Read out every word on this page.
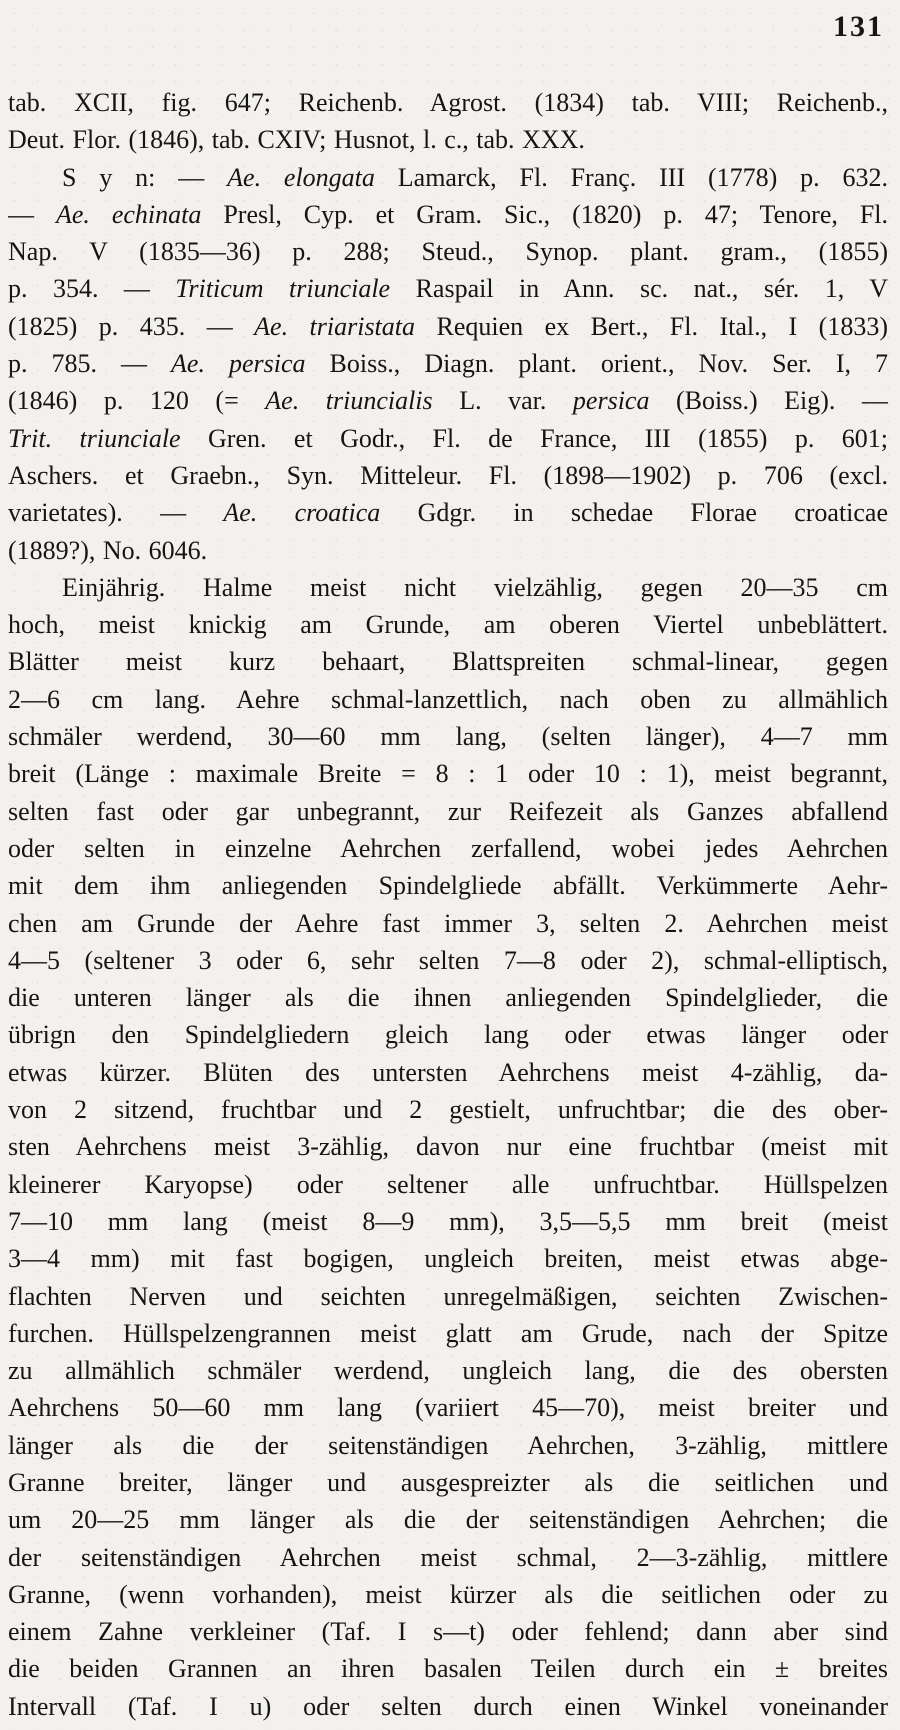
131
tab. XCII, fig. 647; Reichenb. Agrost. (1834) tab. VIII; Reichenb.,
Deut. Flor. (1846), tab. CXIV; Husnot, l. c., tab. XXX.
S y n: — Ae. elongata Lamarck, Fl. Franç. III (1778) p. 632.
— Ae. echinata Presl, Cyp. et Gram. Sic., (1820) p. 47; Tenore, Fl.
Nap. V (1835—36) p. 288; Steud., Synop. plant. gram., (1855)
p. 354. — Triticum triunciale Raspail in Ann. sc. nat., sér. 1, V
(1825) p. 435. — Ae. triaristata Requien ex Bert., Fl. Ital., I (1833)
p. 785. — Ae. persica Boiss., Diagn. plant. orient., Nov. Ser. I, 7
(1846) p. 120 (= Ae. triuncialis L. var. persica (Boiss.) Eig). —
Trit. triunciale Gren. et Godr., Fl. de France, III (1855) p. 601;
Aschers. et Graebn., Syn. Mitteleur. Fl. (1898—1902) p. 706 (excl.
varietates). — Ae. croatica Gdgr. in schedae Florae croaticae
(1889?), No. 6046.
Einjährig. Halme meist nicht vielzählig, gegen 20—35 cm
hoch, meist knickig am Grunde, am oberen Viertel unbeblättert.
Blätter meist kurz behaart, Blattspreiten schmal-linear, gegen
2—6 cm lang. Aehre schmal-lanzettlich, nach oben zu allmählich
schmäler werdend, 30—60 mm lang, (selten länger), 4—7 mm
breit (Länge : maximale Breite = 8 : 1 oder 10 : 1), meist begrannt,
selten fast oder gar unbegrannt, zur Reifezeit als Ganzes abfallend
oder selten in einzelne Aehrchen zerfallend, wobei jedes Aehrchen
mit dem ihm anliegenden Spindelgliede abfällt. Verkümmerte Aehr-
chen am Grunde der Aehre fast immer 3, selten 2. Aehrchen meist
4—5 (seltener 3 oder 6, sehr selten 7—8 oder 2), schmal-elliptisch,
die unteren länger als die ihnen anliegenden Spindelglieder, die
übrign den Spindelgliedern gleich lang oder etwas länger oder
etwas kürzer. Blüten des untersten Aehrchens meist 4-zählig, da-
von 2 sitzend, fruchtbar und 2 gestielt, unfruchtbar; die des ober-
sten Aehrchens meist 3-zählig, davon nur eine fruchtbar (meist mit
kleinerer Karyopse) oder seltener alle unfruchtbar. Hüllspelzen
7—10 mm lang (meist 8—9 mm), 3,5—5,5 mm breit (meist
3—4 mm) mit fast bogigen, ungleich breiten, meist etwas abge-
flachten Nerven und seichten unregelmäßigen, seichten Zwischen-
furchen. Hüllspelzengrannen meist glatt am Grude, nach der Spitze
zu allmählich schmäler werdend, ungleich lang, die des obersten
Aehrchens 50—60 mm lang (variiert 45—70), meist breiter und
länger als die der seitenständigen Aehrchen, 3-zählig, mittlere
Granne breiter, länger und ausgespreizter als die seitlichen und
um 20—25 mm länger als die der seitenständigen Aehrchen; die
der seitenständigen Aehrchen meist schmal, 2—3-zählig, mittlere
Granne, (wenn vorhanden), meist kürzer als die seitlichen oder zu
einem Zahne verkleiner (Taf. I s—t) oder fehlend; dann aber sind
die beiden Grannen an ihren basalen Teilen durch ein ± breites
Intervall (Taf. I u) oder selten durch einen Winkel voneinander
